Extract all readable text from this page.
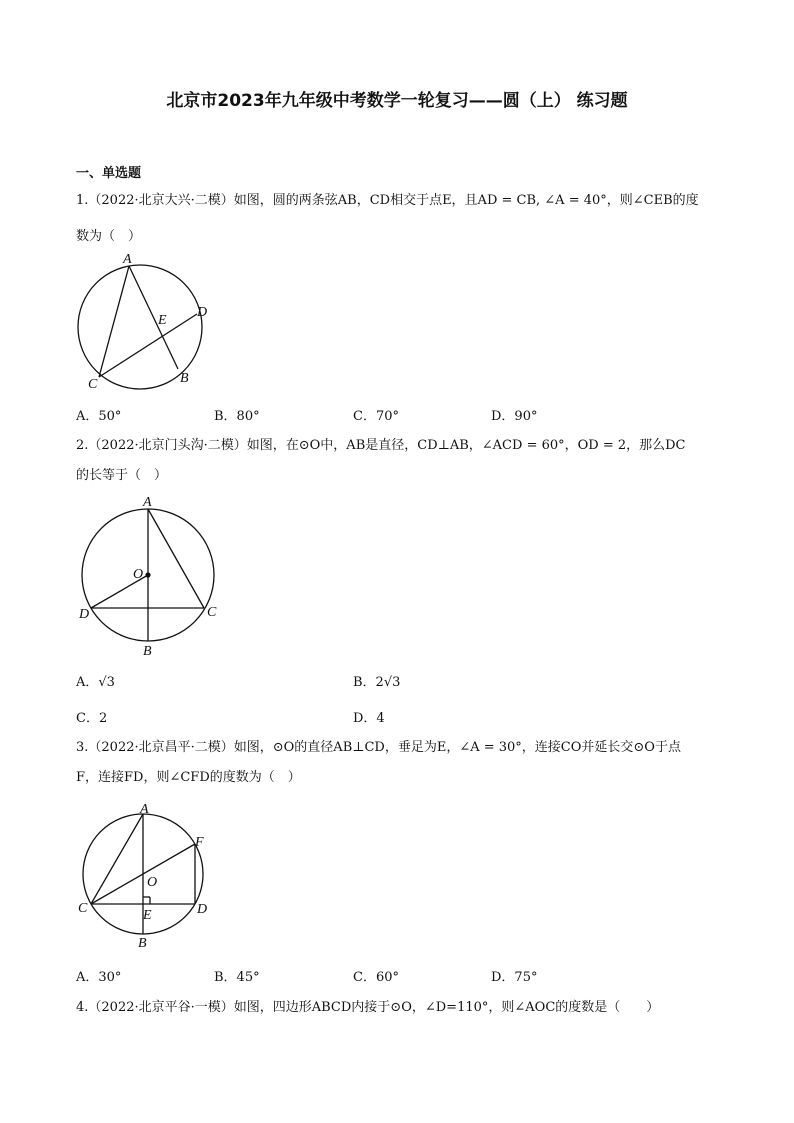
北京市2023年九年级中考数学一轮复习——圆（上） 练习题
一、单选题
1.（2022·北京大兴·二模）如图，圆的两条弦AB，CD相交于点E，且AD = CB, ∠A = 40°，则∠CEB的度
数为（　）
A
B
C
D
E
A．50°	B．80°	C．70°	D．90°
2.（2022·北京门头沟·二模）如图，在⊙O中，AB是直径，CD⊥AB，∠ACD = 60°，OD = 2，那么DC
的长等于（　）
A
B
C
D
O
A．√3	B．2√3
C．2	D．4
3.（2022·北京昌平·二模）如图，⊙O的直径AB⊥CD，垂足为E，∠A = 30°，连接CO并延长交⊙O于点
F，连接FD，则∠CFD的度数为（　）
A
B
C	D
E
F
O
A．30°	B．45°	C．60°	D．75°
4.（2022·北京平谷·一模）如图，四边形ABCD内接于⊙O，∠D=110°，则∠AOC的度数是（　　）
